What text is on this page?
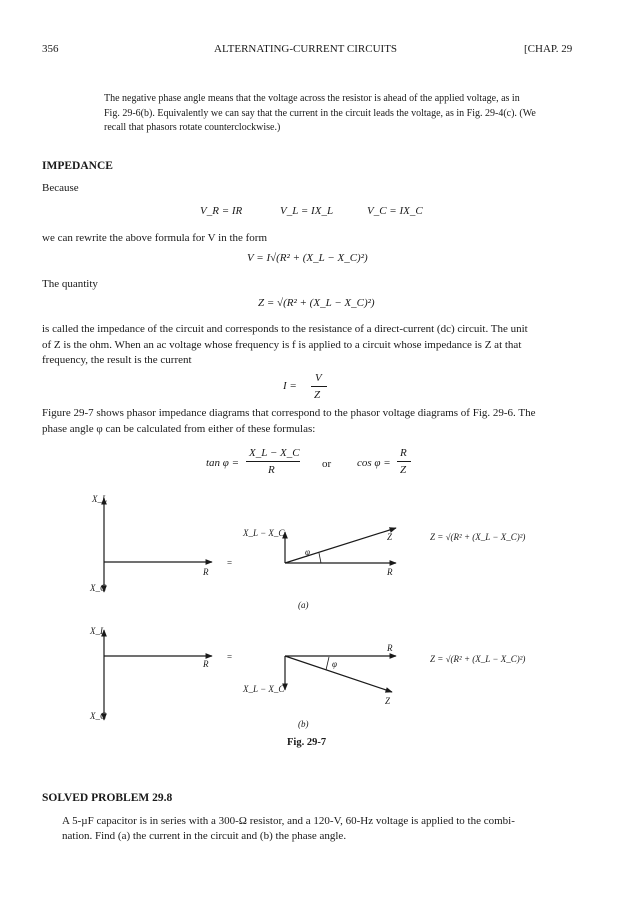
356	ALTERNATING-CURRENT CIRCUITS	[CHAP. 29
The negative phase angle means that the voltage across the resistor is ahead of the applied voltage, as in
Fig. 29-6(b). Equivalently we can say that the current in the circuit leads the voltage, as in Fig. 29-4(c). (We
recall that phasors rotate counterclockwise.)
IMPEDANCE
Because
V_R = IR	V_L = IX_L	V_C = IX_C
we can rewrite the above formula for V in the form
V = I√(R² + (X_L − X_C)²)
The quantity
Z = √(R² + (X_L − X_C)²)
is called the impedance of the circuit and corresponds to the resistance of a direct-current (dc) circuit. The unit
of Z is the ohm. When an ac voltage whose frequency is f is applied to a circuit whose impedance is Z at that
frequency, the result is the current
I =
V
Z
Figure 29-7 shows phasor impedance diagrams that correspond to the phasor voltage diagrams of Fig. 29-6. The
phase angle φ can be calculated from either of these formulas:
tan φ =
X_L − X_C
R	or cos φ =
R
Z
X_L
X_C
R
=
X_L − X_C
φ
Z
R
Z = √(R² + (X_L − X_C)²)
(a)
X_L
X_C
R
=
X_L − X_C
φ
R
Z
Z = √(R² + (X_L − X_C)²)
(b)
Fig. 29-7
SOLVED PROBLEM 29.8
A 5-µF capacitor is in series with a 300-Ω resistor, and a 120-V, 60-Hz voltage is applied to the combi-
nation. Find (a) the current in the circuit and (b) the phase angle.
